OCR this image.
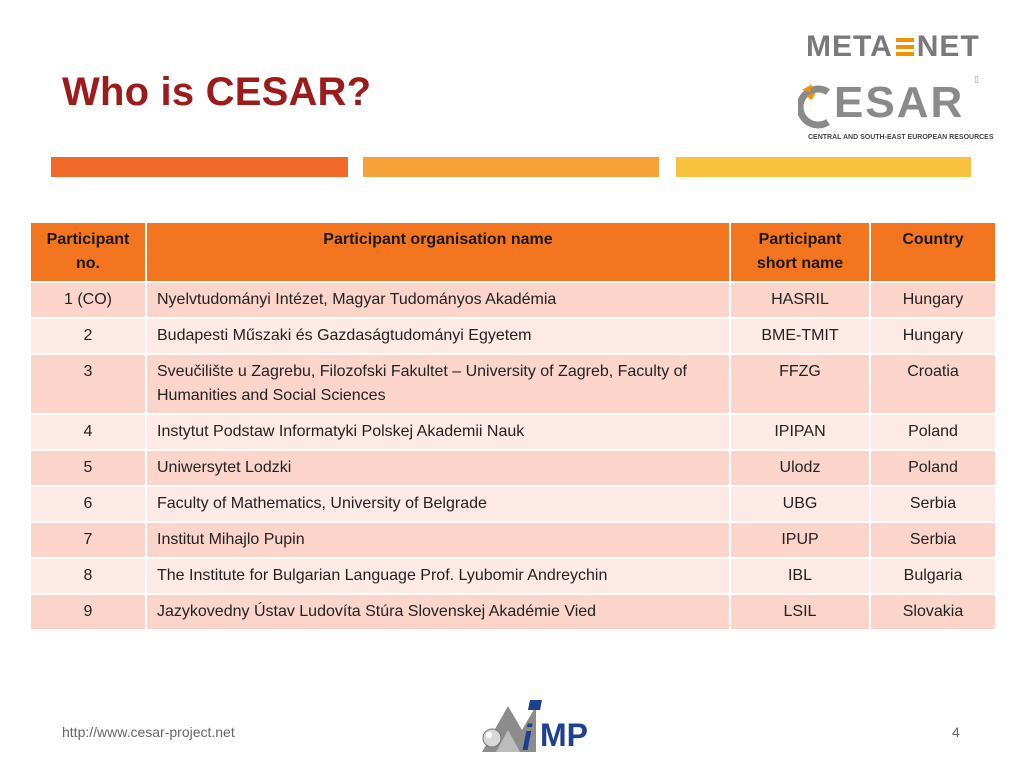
Who is CESAR?
META NET
▯
ESAR
CENTRAL AND SOUTH-EAST EUROPEAN RESOURCES
Participant no.	Participant organisation name	Participant short name	Country
1 (CO)	Nyelvtudományi Intézet, Magyar Tudományos Akadémia	HASRIL	Hungary
2	Budapesti Műszaki és Gazdaságtudományi Egyetem	BME-TMIT	Hungary
3	Sveučilište u Zagrebu, Filozofski Fakultet – University of Zagreb, Faculty of Humanities and Social Sciences	FFZG	Croatia
4	Instytut Podstaw Informatyki Polskej Akademii Nauk	IPIPAN	Poland
5	Uniwersytet Lodzki	Ulodz	Poland
6	Faculty of Mathematics, University of Belgrade	UBG	Serbia
7	Institut Mihajlo Pupin	IPUP	Serbia
8	The Institute for Bulgarian Language Prof. Lyubomir Andreychin	IBL	Bulgaria
9	Jazykovedny Ústav Ludovíta Stúra Slovenskej Akadémie Vied	LSIL	Slovakia
http://www.cesar-project.net	i MP	4
